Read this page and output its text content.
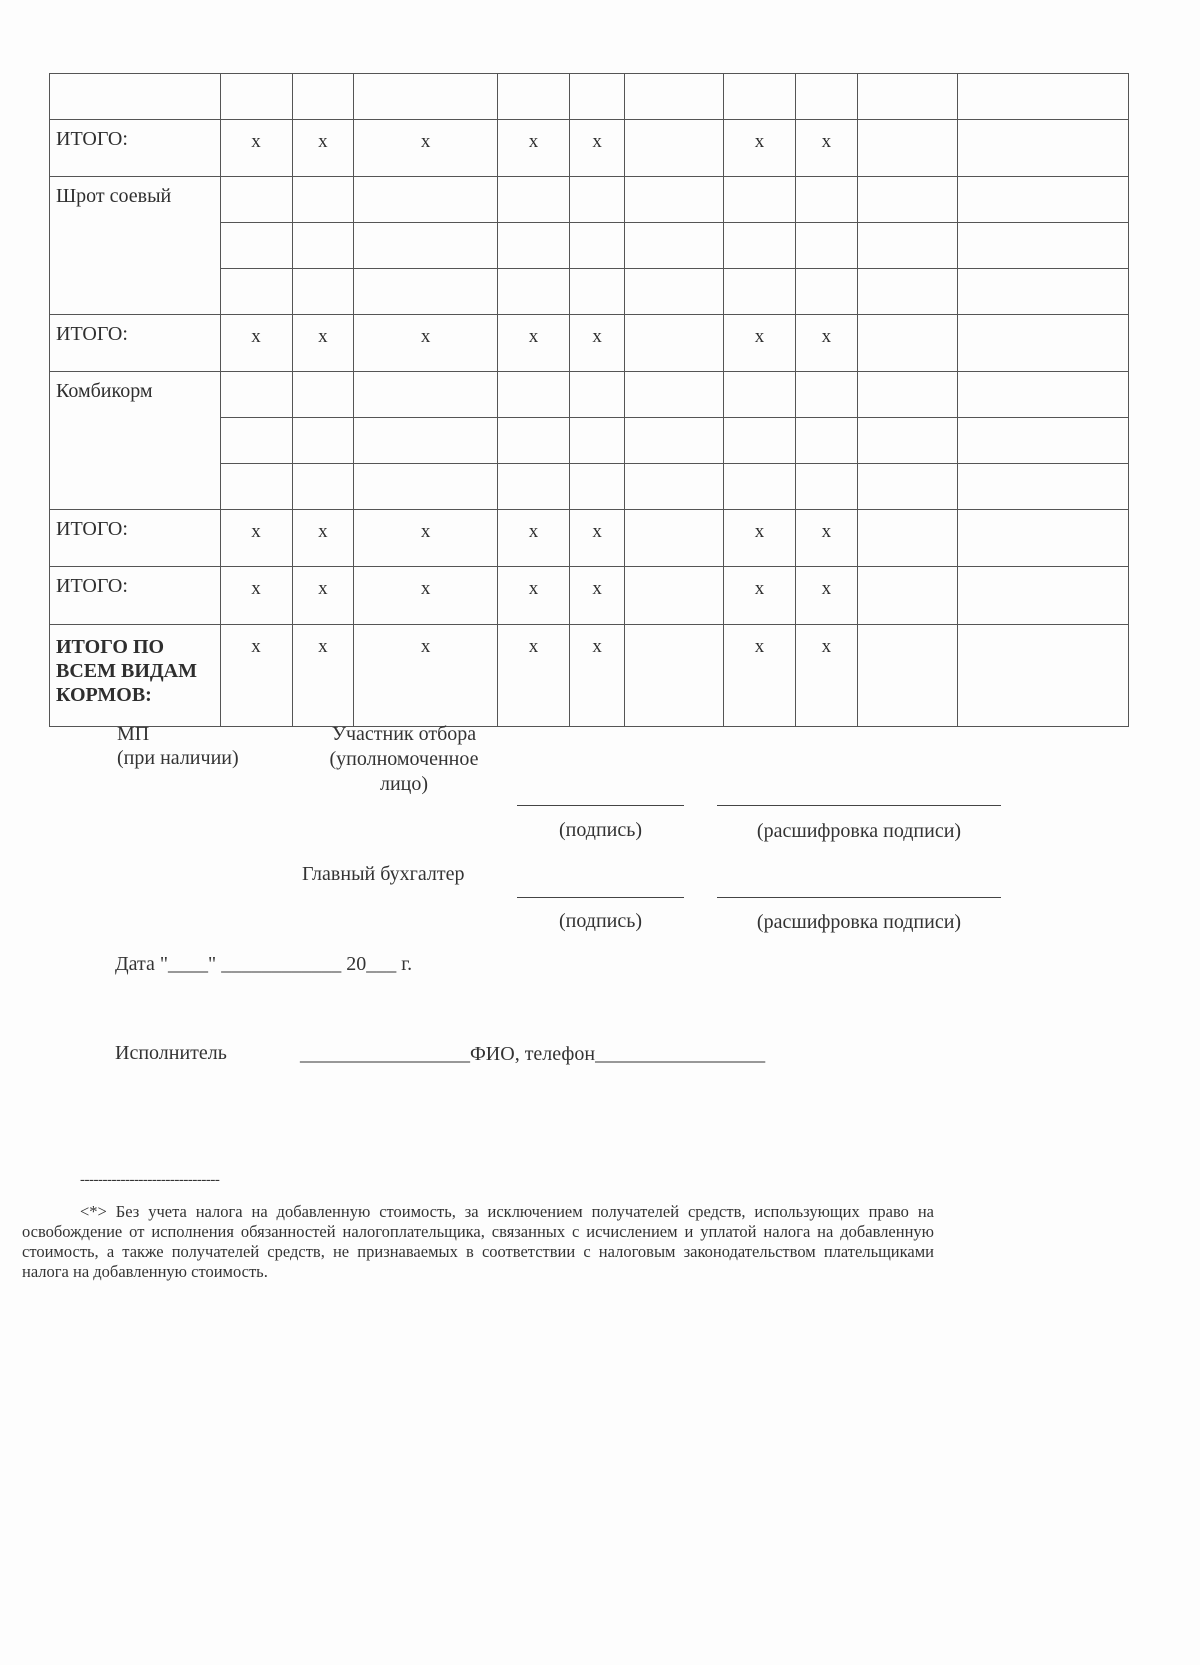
ИТОГО:	х	х	х	х	х		х	х		
Шрот соевый										

ИТОГО:	х	х	х	х	х		х	х		
Комбикорм										

ИТОГО:	х	х	х	х	х		х	х		
ИТОГО:	х	х	х	х	х		х	х		
ИТОГО ПО ВСЕМ ВИДАМ КОРМОВ:	х	х	х	х	х		х	х		
МП
(при наличии)
Участник отбора (уполномоченное лицо)
(подпись)	(расшифровка подписи)
Главный бухгалтер
(подпись)	(расшифровка подписи)
Дата "____" ____________ 20___ г.
Исполнитель	_________________ФИО, телефон_________________
-------------------------------
<*> Без учета налога на добавленную стоимость, за исключением получателей средств, использующих право на освобождение от исполнения обязанностей налогоплательщика, связанных с исчислением и уплатой налога на добавленную стоимость, а также получателей средств, не признаваемых в соответствии с налоговым законодательством плательщиками налога на добавленную стоимость.
